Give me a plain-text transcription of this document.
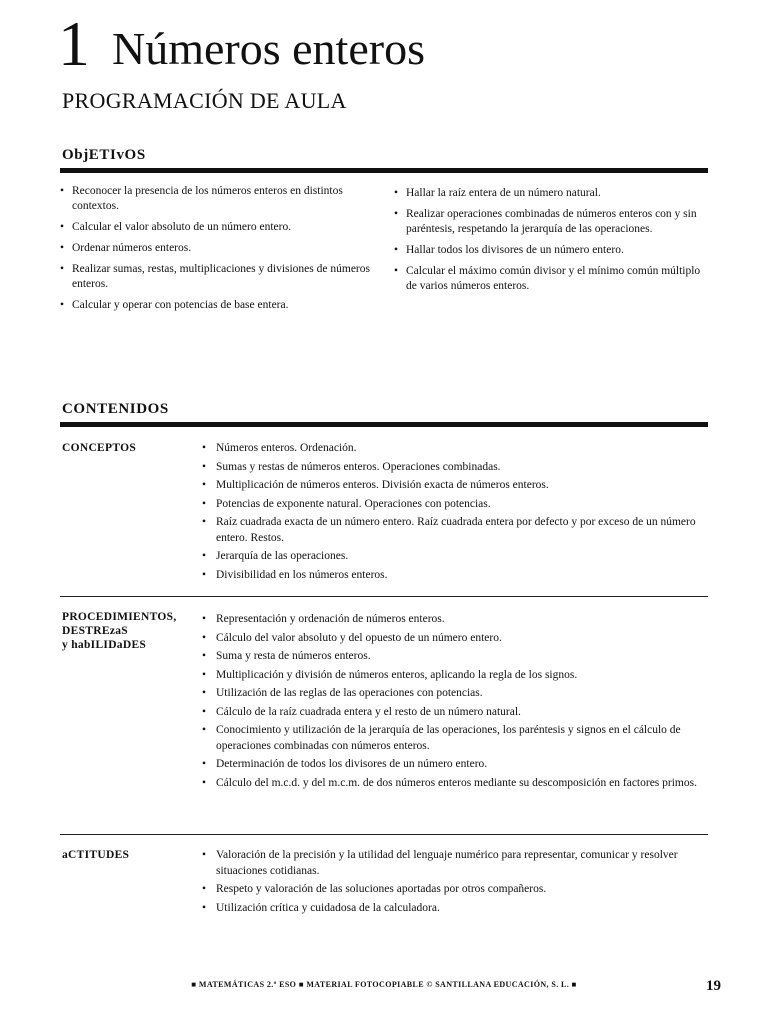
1 Números enteros
PROGRAMACIÓN DE AULA
ObjETIvOS
• Reconocer la presencia de los números enteros en distintos contextos.
• Calcular el valor absoluto de un número entero.
• Ordenar números enteros.
• Realizar sumas, restas, multiplicaciones y divisiones de números enteros.
• Calcular y operar con potencias de base entera.
• Hallar la raíz entera de un número natural.
• Realizar operaciones combinadas de números enteros con y sin paréntesis, respetando la jerarquía de las operaciones.
• Hallar todos los divisores de un número entero.
• Calcular el máximo común divisor y el mínimo común múltiplo de varios números enteros.
CONTENIDOS
CONCEPTOS	• Números enteros. Ordenación.
• Sumas y restas de números enteros. Operaciones combinadas.
• Multiplicación de números enteros. División exacta de números enteros.
• Potencias de exponente natural. Operaciones con potencias.
• Raíz cuadrada exacta de un número entero. Raíz cuadrada entera por defecto y por exceso de un número entero. Restos.
• Jerarquía de las operaciones.
• Divisibilidad en los números enteros.
PROCEDIMIENTOS,
DESTREzaS
y habILIDaDES
• Representación y ordenación de números enteros.
• Cálculo del valor absoluto y del opuesto de un número entero.
• Suma y resta de números enteros.
• Multiplicación y división de números enteros, aplicando la regla de los signos.
• Utilización de las reglas de las operaciones con potencias.
• Cálculo de la raíz cuadrada entera y el resto de un número natural.
• Conocimiento y utilización de la jerarquía de las operaciones, los paréntesis y signos en el cálculo de operaciones combinadas con números enteros.
• Determinación de todos los divisores de un número entero.
• Cálculo del m.c.d. y del m.c.m. de dos números enteros mediante su descomposición en factores primos.
aCTITUDES	• Valoración de la precisión y la utilidad del lenguaje numérico para representar, comunicar y resolver situaciones cotidianas.
• Respeto y valoración de las soluciones aportadas por otros compañeros.
• Utilización crítica y cuidadosa de la calculadora.
■ MATEMÁTICAS 2.º ESO ■ MATERIAL FOTOCOPIABLE © SANTILLANA EDUCACIÓN, S. L. ■	19
